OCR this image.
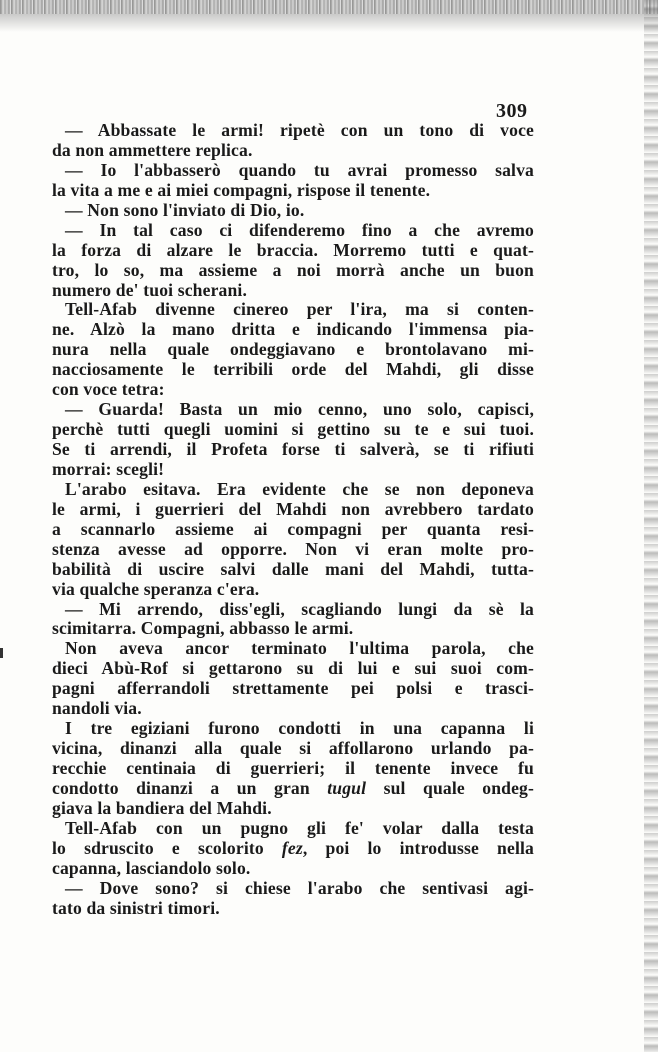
309
— Abbassate le armi! ripetè con un tono di voce
da non ammettere replica.
— Io l'abbasserò quando tu avrai promesso salva
la vita a me e ai miei compagni, rispose il tenente.
— Non sono l'inviato di Dio, io.
— In tal caso ci difenderemo fino a che avremo
la forza di alzare le braccia. Morremo tutti e quat-
tro, lo so, ma assieme a noi morrà anche un buon
numero de' tuoi scherani.
Tell-Afab divenne cinereo per l'ira, ma si conten-
ne. Alzò la mano dritta e indicando l'immensa pia-
nura nella quale ondeggiavano e brontolavano mi-
nacciosamente le terribili orde del Mahdi, gli disse
con voce tetra:
— Guarda! Basta un mio cenno, uno solo, capisci,
perchè tutti quegli uomini si gettino su te e sui tuoi.
Se ti arrendi, il Profeta forse ti salverà, se ti rifiuti
morrai: scegli!
L'arabo esitava. Era evidente che se non deponeva
le armi, i guerrieri del Mahdi non avrebbero tardato
a scannarlo assieme ai compagni per quanta resi-
stenza avesse ad opporre. Non vi eran molte pro-
babilità di uscire salvi dalle mani del Mahdi, tutta-
via qualche speranza c'era.
— Mi arrendo, diss'egli, scagliando lungi da sè la
scimitarra. Compagni, abbasso le armi.
Non aveva ancor terminato l'ultima parola, che
dieci Abù-Rof si gettarono su di lui e sui suoi com-
pagni afferrandoli strettamente pei polsi e trasci-
nandoli via.
I tre egiziani furono condotti in una capanna li
vicina, dinanzi alla quale si affollarono urlando pa-
recchie centinaia di guerrieri; il tenente invece fu
condotto dinanzi a un gran tugul sul quale ondeg-
giava la bandiera del Mahdi.
Tell-Afab con un pugno gli fe' volar dalla testa
lo sdruscito e scolorito fez, poi lo introdusse nella
capanna, lasciandolo solo.
— Dove sono? si chiese l'arabo che sentivasi agi-
tato da sinistri timori.
